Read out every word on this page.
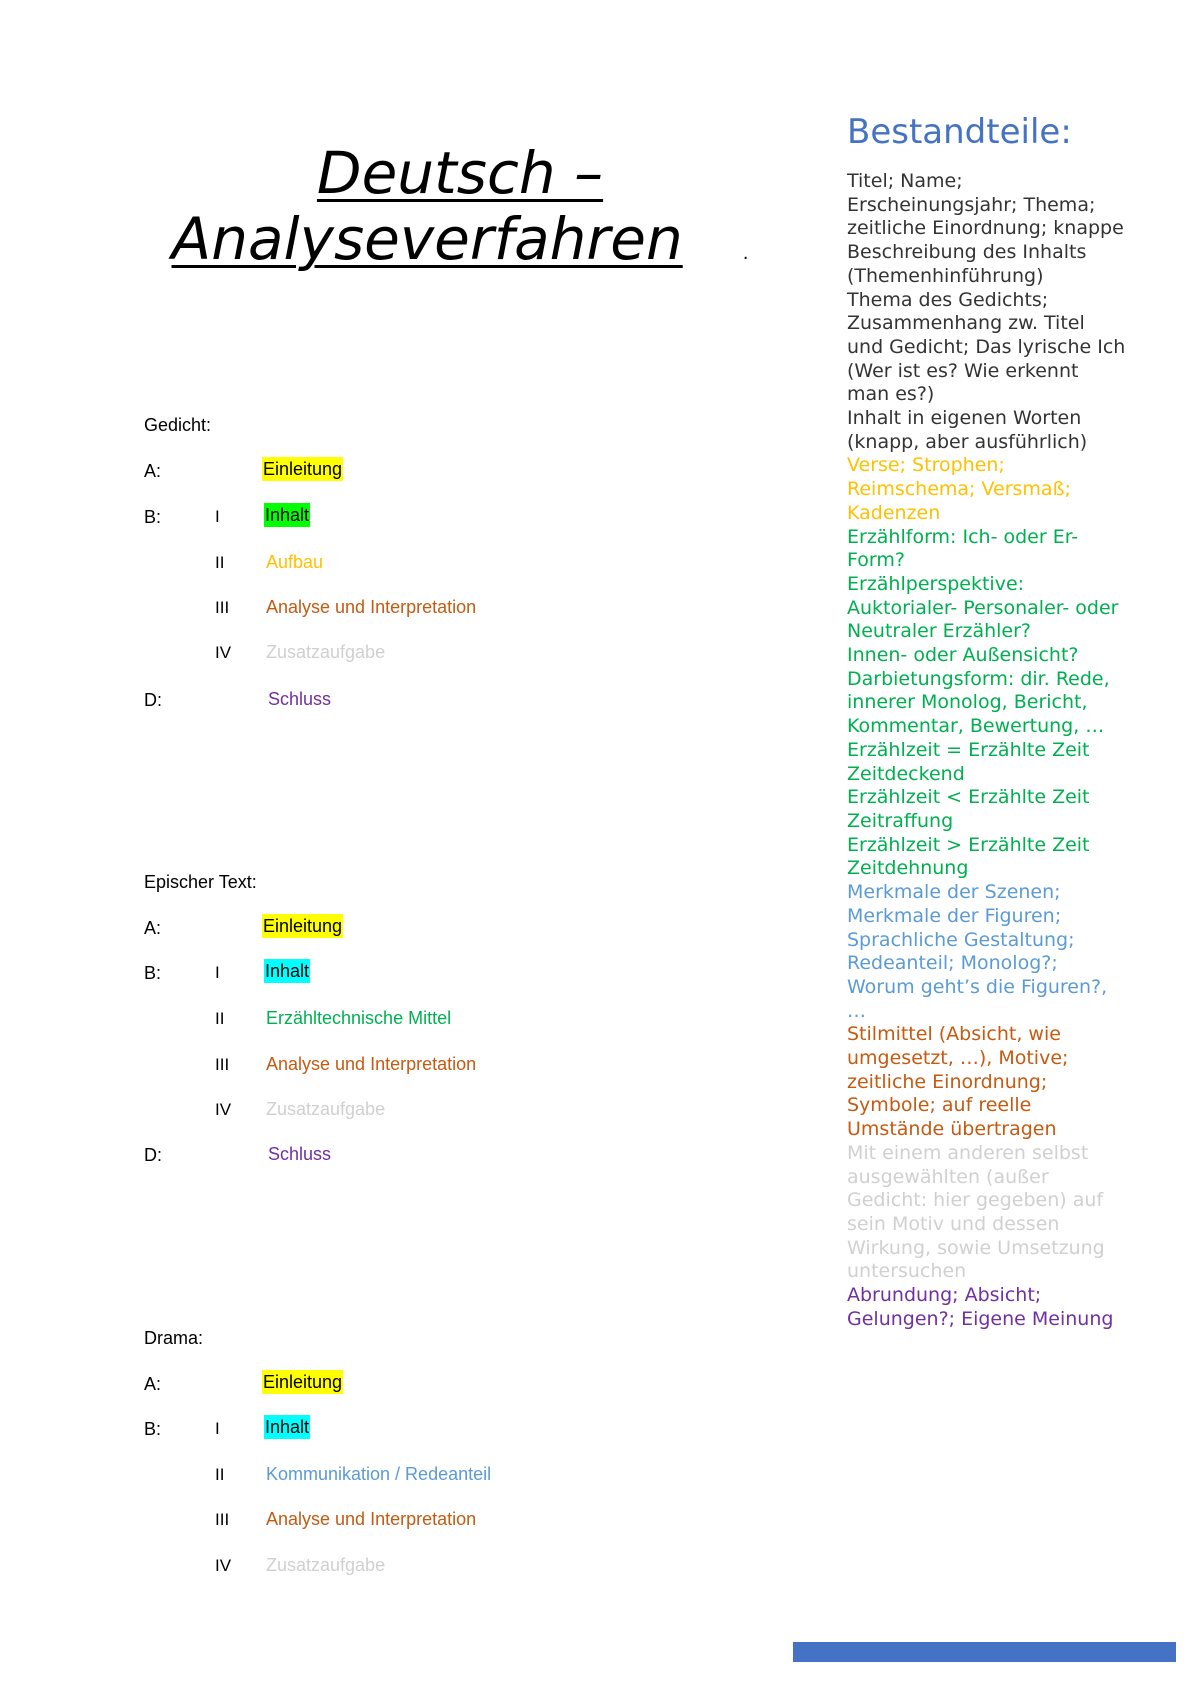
Deutsch –
Analyseverfahren	.
Gedicht:
A:	Einleitung
B:	I	Inhalt
II Aufbau
III Analyse und Interpretation
IV Zusatzaufgabe
D:	Schluss
Epischer Text:
A:	Einleitung
B:	I	Inhalt
II Erzähltechnische Mittel
III Analyse und Interpretation
IV Zusatzaufgabe
D:	Schluss
Drama:
A:	Einleitung
B:	I	Inhalt
II Kommunikation / Redeanteil
III Analyse und Interpretation
IV Zusatzaufgabe
Bestandteile:

Titel; Name;
Erscheinungsjahr; Thema;
zeitliche Einordnung; knappe
Beschreibung des Inhalts
(Themenhinführung)

Thema des Gedichts;
Zusammenhang zw. Titel
und Gedicht; Das lyrische Ich
(Wer ist es? Wie erkennt
man es?)
Inhalt in eigenen Worten
(knapp, aber ausführlich)

Verse; Strophen;
Reimschema; Versmaß;
Kadenzen

Erzählform: Ich- oder Er-
Form?
Erzählperspektive:
Auktorialer- Personaler- oder
Neutraler Erzähler?
Innen- oder Außensicht?
Darbietungsform: dir. Rede,
innerer Monolog, Bericht,
Kommentar, Bewertung, …
Erzählzeit = Erzählte Zeit
Zeitdeckend
Erzählzeit < Erzählte Zeit
Zeitraffung
Erzählzeit > Erzählte Zeit
Zeitdehnung

Merkmale der Szenen;
Merkmale der Figuren;
Sprachliche Gestaltung;
Redeanteil; Monolog?;
Worum geht’s die Figuren?,
…

Stilmittel (Absicht, wie
umgesetzt, …), Motive;
zeitliche Einordnung;
Symbole; auf reelle
Umstände übertragen

Mit einem anderen selbst
ausgewählten (außer
Gedicht: hier gegeben) auf
sein Motiv und dessen
Wirkung, sowie Umsetzung
untersuchen

Abrundung; Absicht;
Gelungen?; Eigene Meinung
